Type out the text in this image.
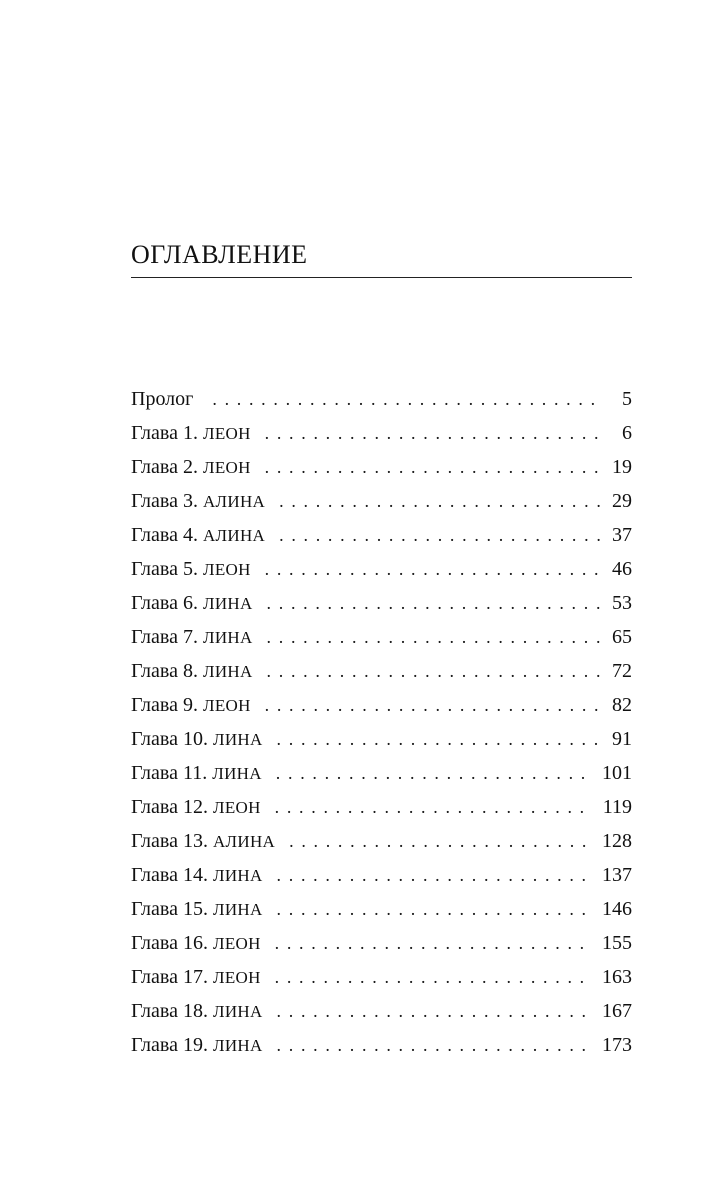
ОГЛАВЛЕНИЕ
Пролог . . .	5
Глава 1. ЛЕОН . . .	6
Глава 2. ЛЕОН . . .	19
Глава 3. АЛИНА . . .	29
Глава 4. АЛИНА . . .	37
Глава 5. ЛЕОН . . .	46
Глава 6. ЛИНА . . .	53
Глава 7. ЛИНА . . .	65
Глава 8. ЛИНА . . .	72
Глава 9. ЛЕОН . . .	82
Глава 10. ЛИНА . . .	91
Глава 11. ЛИНА . . .	101
Глава 12. ЛЕОН . . .	119
Глава 13. АЛИНА . . .	128
Глава 14. ЛИНА . . .	137
Глава 15. ЛИНА . . .	146
Глава 16. ЛЕОН . . .	155
Глава 17. ЛЕОН . . .	163
Глава 18. ЛИНА . . .	167
Глава 19. ЛИНА . . .	173
